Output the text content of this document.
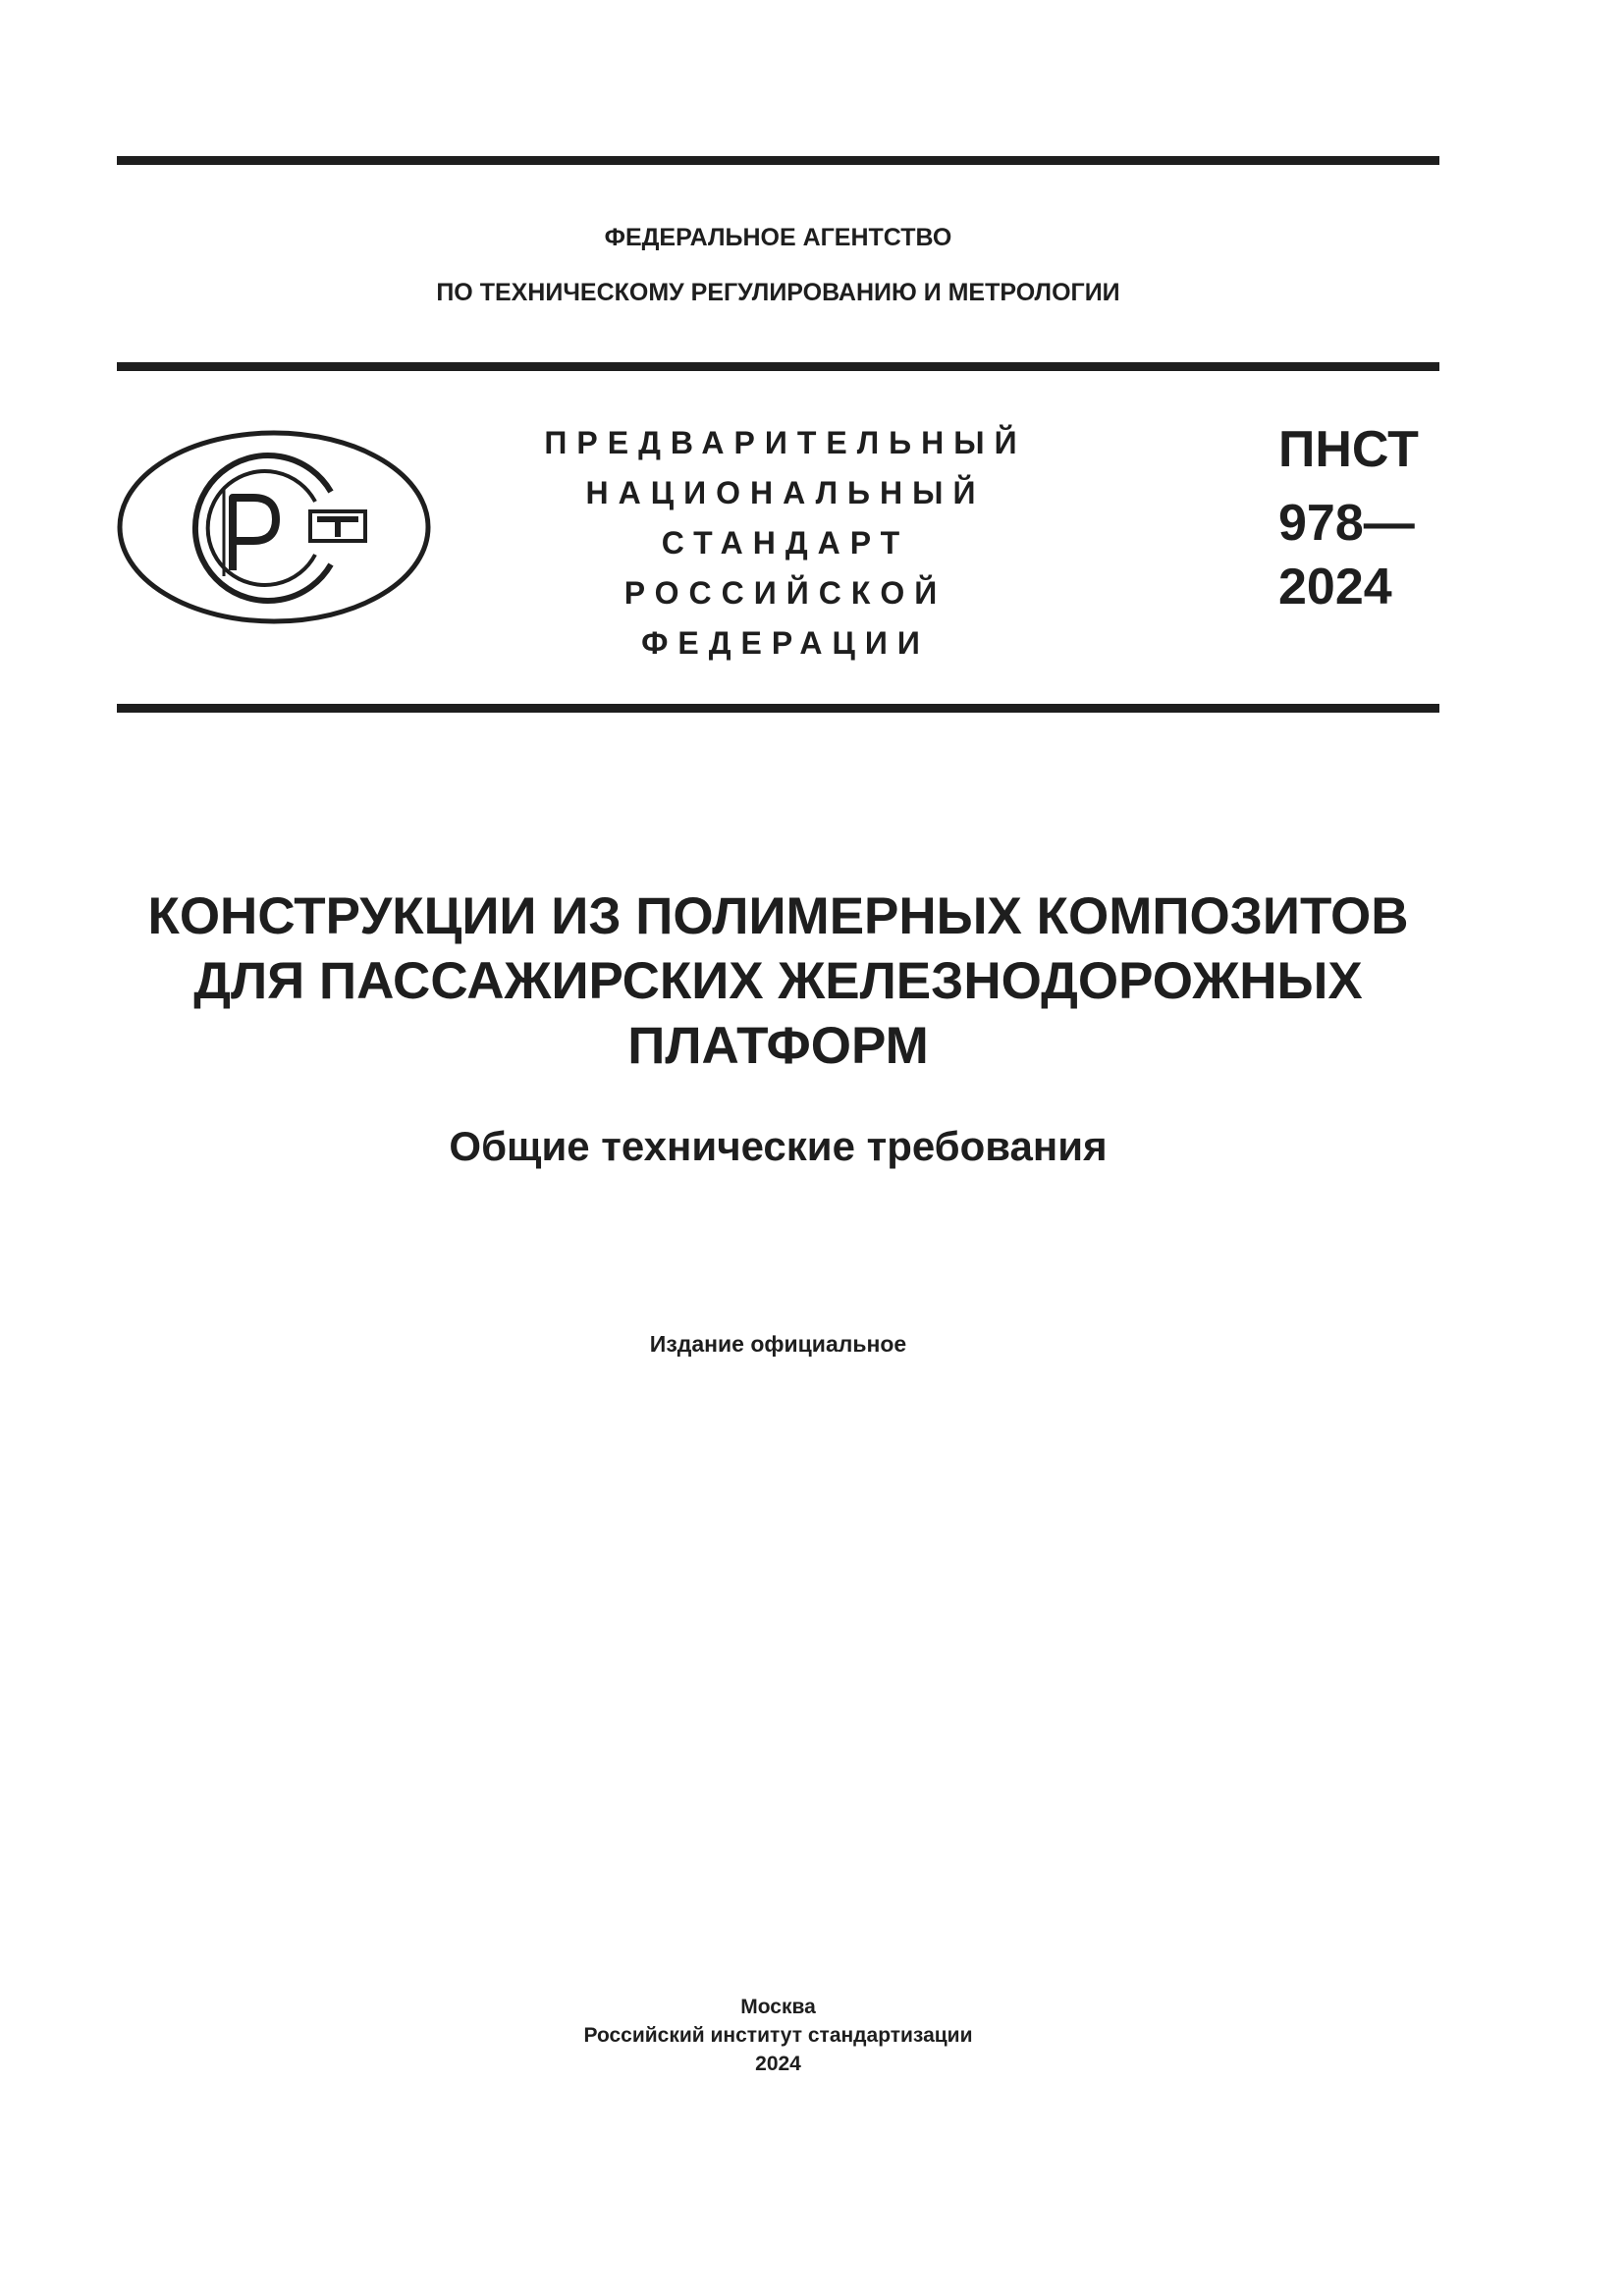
ФЕДЕРАЛЬНОЕ АГЕНТСТВО
ПО ТЕХНИЧЕСКОМУ РЕГУЛИРОВАНИЮ И МЕТРОЛОГИИ
ПРЕДВАРИТЕЛЬНЫЙ
НАЦИОНАЛЬНЫЙ
СТАНДАРТ
РОССИЙСКОЙ
ФЕДЕРАЦИИ
ПНСТ
978—
2024
КОНСТРУКЦИИ ИЗ ПОЛИМЕРНЫХ КОМПОЗИТОВ
ДЛЯ ПАССАЖИРСКИХ ЖЕЛЕЗНОДОРОЖНЫХ
ПЛАТФОРМ
Общие технические требования
Издание официальное
Москва
Российский институт стандартизации
2024
